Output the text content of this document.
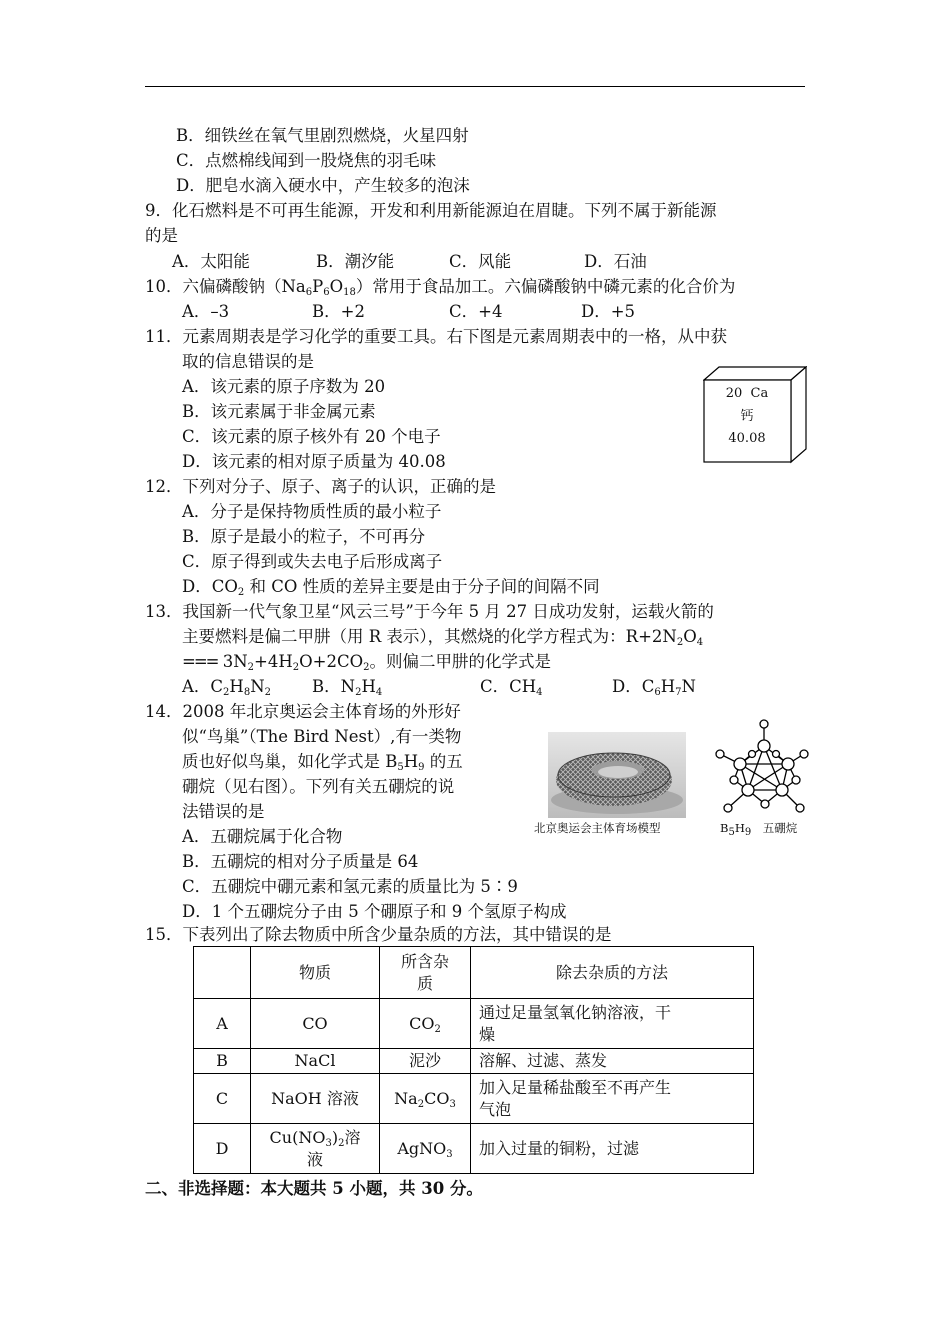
B．细铁丝在氧气里剧烈燃烧，火星四射
C．点燃棉线闻到一股烧焦的羽毛味
D．肥皂水滴入硬水中，产生较多的泡沫
9．化石燃料是不可再生能源，开发和利用新能源迫在眉睫。下列不属于新能源
的是
A．太阳能	B．潮汐能	C．风能	D．石油
10．六偏磷酸钠$(Na_6P_6O_{18})$常用于食品加工。六偏磷酸钠中磷元素的化合价为
A．–3	B．+2	C．+4	D．+5
11．元素周期表是学习化学的重要工具。右下图是元素周期表中的一格，从中获
取的信息错误的是
A．该元素的原子序数为 20
B．该元素属于非金属元素
C．该元素的原子核外有 20 个电子
D．该元素的相对原子质量为 40.08
20 Ca
钙
40.08
12．下列对分子、原子、离子的认识，正确的是
A．分子是保持物质性质的最小粒子
B．原子是最小的粒子，不可再分
C．原子得到或失去电子后形成离子
D．$CO_2$ 和 CO 性质的差异主要是由于分子间的间隔不同
13．我国新一代气象卫星“风云三号”于今年 5 月 27 日成功发射，运载火箭的
主要燃料是偏二甲肼（用 R 表示），其燃烧的化学方程式为：$R+2N_2O_4$
=== $3N_2+4H_2O+2CO_2$。则偏二甲肼的化学式是
A．$C_2H_8N_2$ B．$N_2H_4$	C．$CH_4$	D．$C_6H_7N$
14．2008 年北京奥运会主体育场的外形好
似“鸟巢”（The Bird Nest）,有一类物
质也好似鸟巢，如化学式是 $B_5H_9$ 的五
硼烷（见右图）。下列有关五硼烷的说
法错误的是
A．五硼烷属于化合物
B．五硼烷的相对分子质量是 64
C．五硼烷中硼元素和氢元素的质量比为 5∶9
D．1 个五硼烷分子由 5 个硼原子和 9 个氢原子构成
北京奥运会主体育场模型	$B_5H_9$　五硼烷
15．下表列出了除去物质中所含少量杂质的方法，其中错误的是
	物质	所含杂
质	除去杂质的方法
A	CO	$CO_2$	通过足量氢氧化钠溶液，干
燥
B	NaCl	泥沙	溶解、过滤、蒸发
C	NaOH 溶液	$Na_2CO_3$	加入足量稀盐酸至不再产生
气泡
D	$Cu(NO_3)_2$溶
液	AgNO$_3$	加入过量的铜粉，过滤
二、非选择题：本大题共 5 小题，共 30 分。
